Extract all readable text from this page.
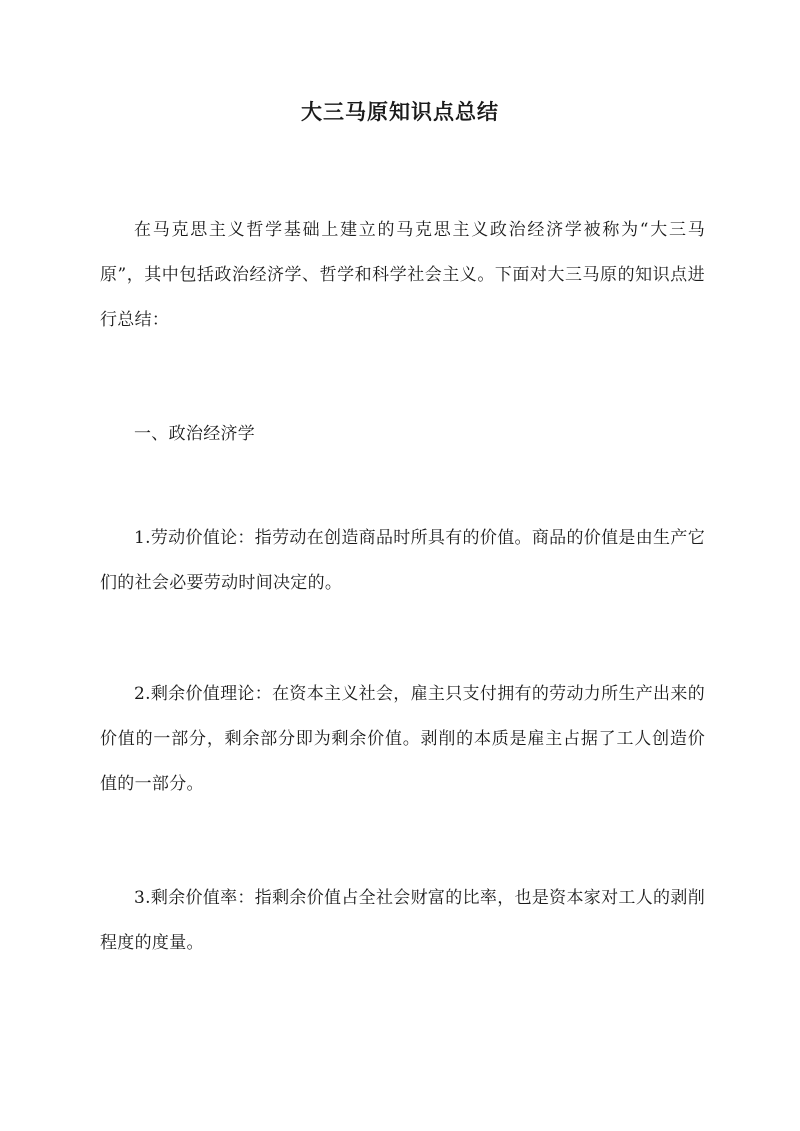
大三马原知识点总结

在马克思主义哲学基础上建立的马克思主义政治经济学被称为“大三马原”，其中包括政治经济学、哲学和科学社会主义。下面对大三马原的知识点进行总结：

一、政治经济学

1.劳动价值论：指劳动在创造商品时所具有的价值。商品的价值是由生产它们的社会必要劳动时间决定的。

2.剩余价值理论：在资本主义社会，雇主只支付拥有的劳动力所生产出来的价值的一部分，剩余部分即为剩余价值。剥削的本质是雇主占据了工人创造价值的一部分。

3.剩余价值率：指剩余价值占全社会财富的比率，也是资本家对工人的剥削程度的度量。
